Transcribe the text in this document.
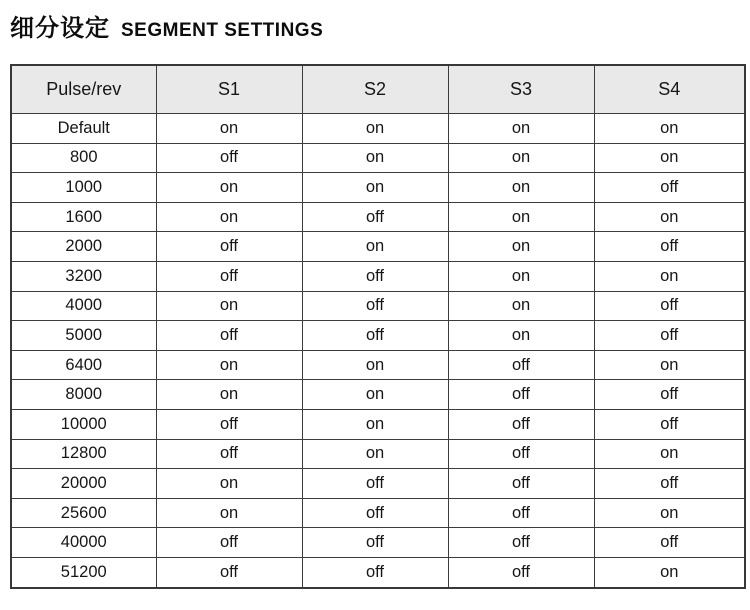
细分设定 SEGMENT SETTINGS
Pulse/rev	S1	S2	S3	S4
Default	on	on	on	on
800	off	on	on	on
1000	on	on	on	off
1600	on	off	on	on
2000	off	on	on	off
3200	off	off	on	on
4000	on	off	on	off
5000	off	off	on	off
6400	on	on	off	on
8000	on	on	off	off
10000	off	on	off	off
12800	off	on	off	on
20000	on	off	off	off
25600	on	off	off	on
40000	off	off	off	off
51200	off	off	off	on
